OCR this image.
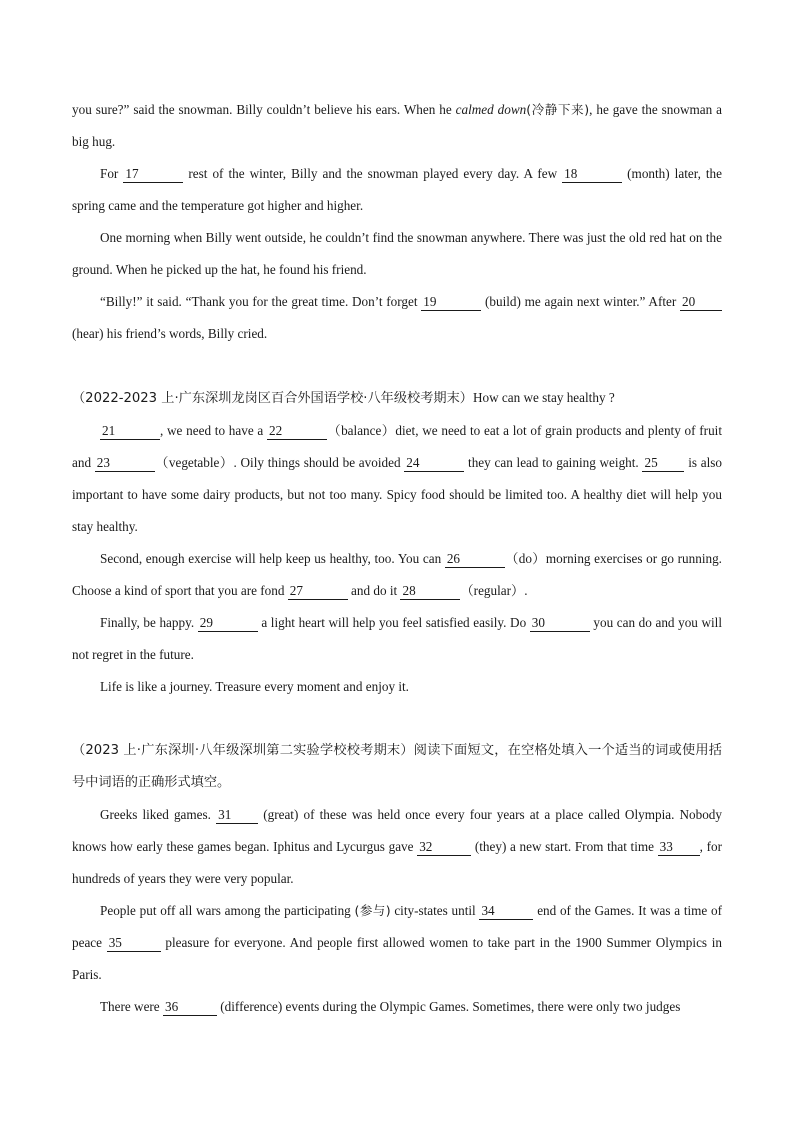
you sure?” said the snowman. Billy couldn’t believe his ears. When he calmed down(冷静下来), he gave the snowman a big hug.

For 17	rest of the winter, Billy and the snowman played every day. A few 18	(month) later, the spring came and the temperature got higher and higher.

One morning when Billy went outside, he couldn’t find the snowman anywhere. There was just the old red hat on the ground. When he picked up the hat, he found his friend.

“Billy!” it said. “Thank you for the great time. Don’t forget 19	(build) me again next winter.” After 20 (hear) his friend’s words, Billy cried.

（2022-2023 上·广东深圳龙岗区百合外国语学校·八年级校考期末）How can we stay healthy ?

21	, we need to have a 22	（balance）diet, we need to eat a lot of grain products and plenty of fruit and 23	（vegetable）. Oily things should be avoided 24	they can lead to gaining weight. 25 is also important to have some dairy products, but not too many. Spicy food should be limited too. A healthy diet will help you stay healthy.

Second, enough exercise will help keep us healthy, too. You can 26	（do）morning exercises or go running. Choose a kind of sport that you are fond 27	and do it 28	（regular）.

Finally, be happy. 29	a light heart will help you feel satisfied easily. Do 30	you can do and you will not regret in the future.

Life is like a journey. Treasure every moment and enjoy it.

（2023 上·广东深圳·八年级深圳第二实验学校校考期末）阅读下面短文，在空格处填入一个适当的词或使用括号中词语的正确形式填空。

Greeks liked games. 31 (great) of these was held once every four years at a place called Olympia. Nobody knows how early these games began. Iphitus and Lycurgus gave 32	(they) a new start. From that time 33 , for hundreds of years they were very popular.

People put off all wars among the participating (参与) city-states until 34	end of the Games. It was a time of peace 35	pleasure for everyone. And people first allowed women to take part in the 1900 Summer Olympics in Paris.

There were 36	(difference) events during the Olympic Games. Sometimes, there were only two judges
